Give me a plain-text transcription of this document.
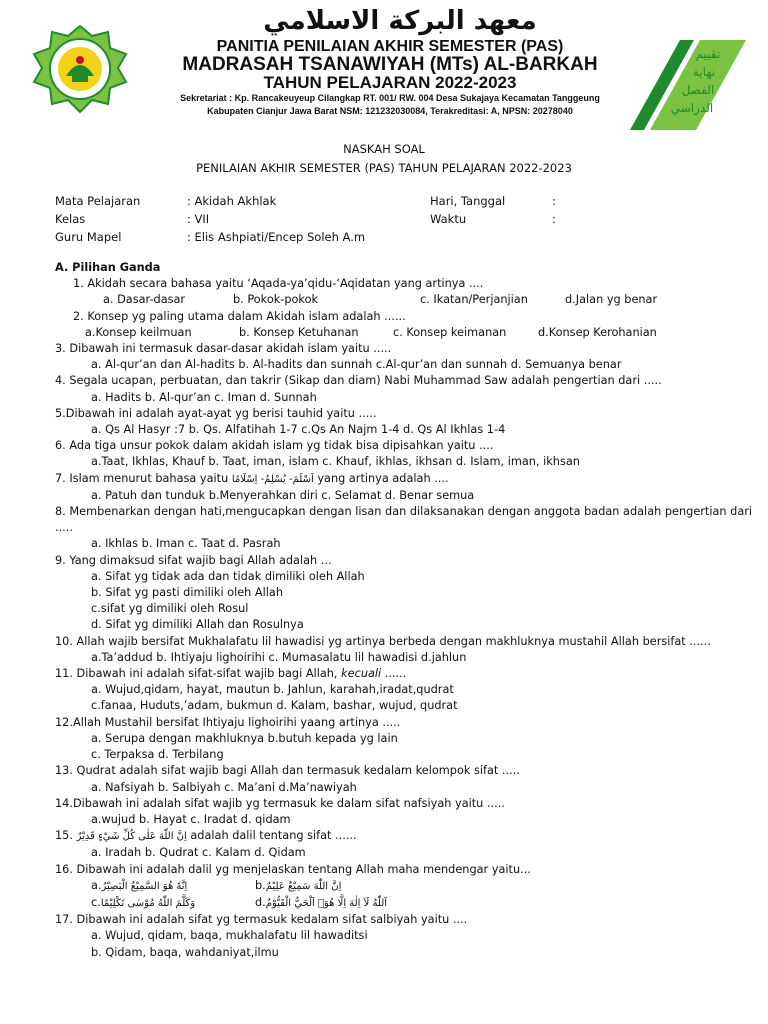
معهد البركة الاسلامي
PANITIA PENILAIAN AKHIR SEMESTER (PAS)
MADRASAH TSANAWIYAH (MTs) AL-BARKAH
TAHUN PELAJARAN 2022-2023
Sekretariat : Kp. Rancakeuyeup Cilangkap RT. 001/ RW. 004 Desa Sukajaya Kecamatan Tanggeung
Kabupaten Cianjur Jawa Barat NSM: 121232030084, Terakreditasi: A, NPSN: 20278040
تقييم
نهاية
الفصل
الدراسي
NASKAH SOAL
PENILAIAN AKHIR SEMESTER (PAS) TAHUN PELAJARAN 2022-2023
Mata Pelajaran	: Akidah Akhlak
Kelas	: VII
Guru Mapel	: Elis Ashpiati/Encep Soleh A.m
Hari, Tanggal	:
Waktu	:
A. Pilihan Ganda
1. Akidah secara bahasa yaitu ‘Aqada-ya’qidu-‘Aqidatan yang artinya ....
a. Dasar-dasar	b. Pokok-pokok	c. Ikatan/Perjanjian	d.Jalan yg benar
2. Konsep yg paling utama dalam Akidah islam adalah ......
a.Konsep keilmuan	b. Konsep Ketuhanan	c. Konsep keimanan	d.Konsep Kerohanian
3. Dibawah ini termasuk dasar-dasar akidah islam yaitu .....
a. Al-qur’an dan Al-hadits b. Al-hadits dan sunnah c.Al-qur’an dan sunnah d. Semuanya benar
4. Segala ucapan, perbuatan, dan takrir (Sikap dan diam) Nabi Muhammad Saw adalah pengertian dari .....
a. Hadits b. Al-qur’an c. Iman d. Sunnah
5.Dibawah ini adalah ayat-ayat yg berisi tauhid yaitu .....
a. Qs Al Hasyr :7 b. Qs. Alfatihah 1-7 c.Qs An Najm 1-4 d. Qs Al Ikhlas 1-4
6. Ada tiga unsur pokok dalam akidah islam yg tidak bisa dipisahkan yaitu ....
a.Taat, Ikhlas, Khauf b. Taat, iman, islam c. Khauf, ikhlas, ikhsan d. Islam, iman, ikhsan
7. Islam menurut bahasa yaitu اَسْلَمَ- يُسْلِمُ- اِسْلَامًا yang artinya adalah ....
a. Patuh dan tunduk b.Menyerahkan diri c. Selamat d. Benar semua
8. Membenarkan dengan hati,mengucapkan dengan lisan dan dilaksanakan dengan anggota badan adalah pengertian dari .....
a. Ikhlas b. Iman c. Taat d. Pasrah
9. Yang dimaksud sifat wajib bagi Allah adalah ...
a. Sifat yg tidak ada dan tidak dimiliki oleh Allah
b. Sifat yg pasti dimiliki oleh Allah
c.sifat yg dimiliki oleh Rosul
d. Sifat yg dimiliki Allah dan Rosulnya
10. Allah wajib bersifat Mukhalafatu lil hawadisi yg artinya berbeda dengan makhluknya mustahil Allah bersifat ......
a.Ta’addud b. Ihtiyaju lighoirihi c. Mumasalatu lil hawadisi d.jahlun
11. Dibawah ini adalah sifat-sifat wajib bagi Allah, kecuali ......
a. Wujud,qidam, hayat, mautun b. Jahlun, karahah,iradat,qudrat
c.fanaa, Huduts,’adam, bukmun d. Kalam, bashar, wujud, qudrat
12.Allah Mustahil bersifat Ihtiyaju lighoirihi yaang artinya .....
a. Serupa dengan makhluknya b.butuh kepada yg lain
c. Terpaksa d. Terbilang
13. Qudrat adalah sifat wajib bagi Allah dan termasuk kedalam kelompok sifat .....
a. Nafsiyah b. Salbiyah c. Ma’ani d.Ma’nawiyah
14.Dibawah ini adalah sifat wajib yg termasuk ke dalam sifat nafsiyah yaitu .....
a.wujud b. Hayat c. Iradat d. qidam
15. اِنَّ اللّٰهَ عَلٰى كُلِّ شَيْءٍ قَدِيْرٌ adalah dalil tentang sifat ......
a. Iradah b. Qudrat c. Kalam d. Qidam
16. Dibawah ini adalah dalil yg menjelaskan tentang Allah maha mendengar yaitu...
a.اِنَّهٗ هُوَ السَّمِيْعُ الْبَصِيْرُ	b.اِنَّ اللّٰهَ سَمِيْعٌ عَلِيْمٌ
c.وَكَلَّمَ اللّٰهُ مُوْسٰى تَكْلِيْمًا	d.اَللّٰهُ لَآ اِلٰهَ اِلَّا هُوَۚ اَلْحَيُّ الْقَيُّوْمُ
17. Dibawah ini adalah sifat yg termasuk kedalam sifat salbiyah yaitu ....
a. Wujud, qidam, baqa, mukhalafatu lil hawaditsi
b. Qidam, baqa, wahdaniyat,ilmu
